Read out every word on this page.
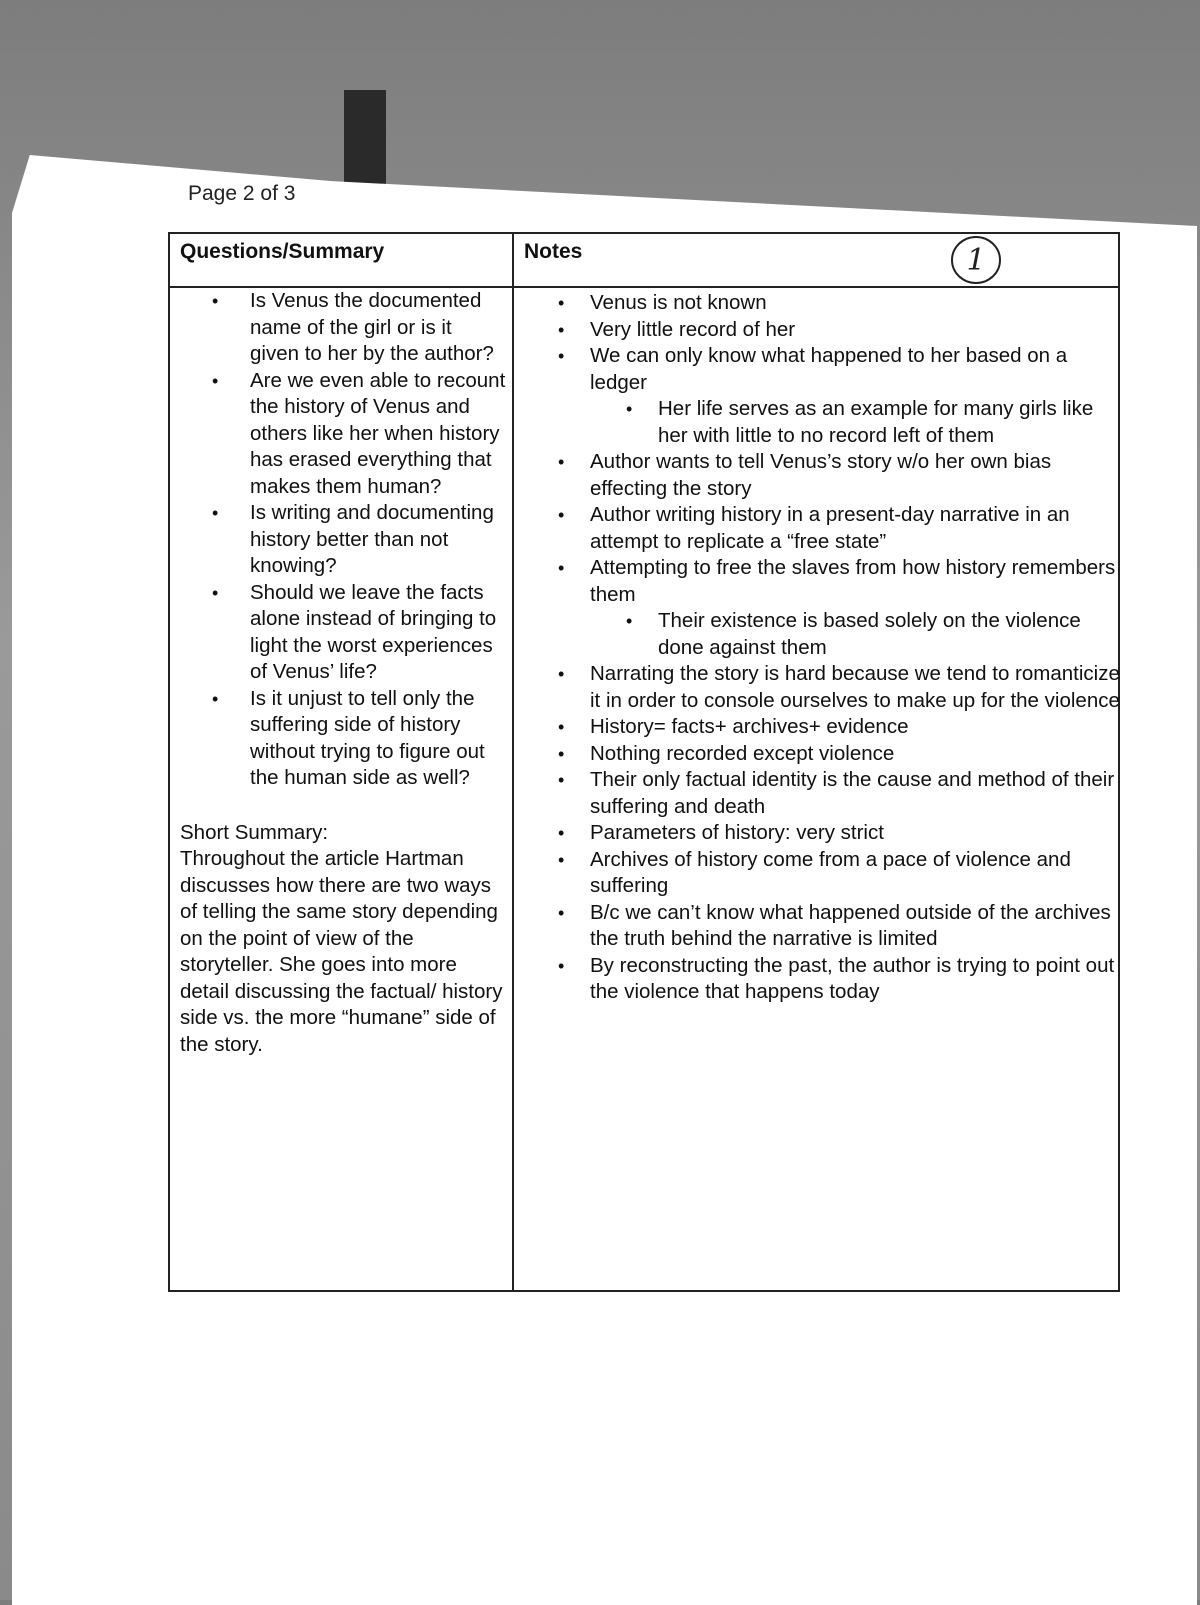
Page 2 of 3
Questions/Summary	Notes
• Is Venus the documented name of the girl or is it given to her by the author?
• Are we even able to recount the history of Venus and others like her when history has erased everything that makes them human?
• Is writing and documenting history better than not knowing?
• Should we leave the facts alone instead of bringing to light the worst experiences of Venus’ life?
• Is it unjust to tell only the suffering side of history without trying to figure out the human side as well?
Short Summary:
Throughout the article Hartman discusses how there are two ways of telling the same story depending on the point of view of the storyteller. She goes into more detail discussing the factual/ history side vs. the more “humane” side of the story.
• Venus is not known
• Very little record of her
• We can only know what happened to her based on a ledger
• Her life serves as an example for many girls like her with little to no record left of them
• Author wants to tell Venus’s story w/o her own bias effecting the story
• Author writing history in a present-day narrative in an attempt to replicate a “free state”
• Attempting to free the slaves from how history remembers them
• Their existence is based solely on the violence done against them
• Narrating the story is hard because we tend to romanticize it in order to console ourselves to make up for the violence
• History= facts+ archives+ evidence
• Nothing recorded except violence
• Their only factual identity is the cause and method of their suffering and death
• Parameters of history: very strict
• Archives of history come from a pace of violence and suffering
• B/c we can’t know what happened outside of the archives the truth behind the narrative is limited
• By reconstructing the past, the author is trying to point out the violence that happens today
1
